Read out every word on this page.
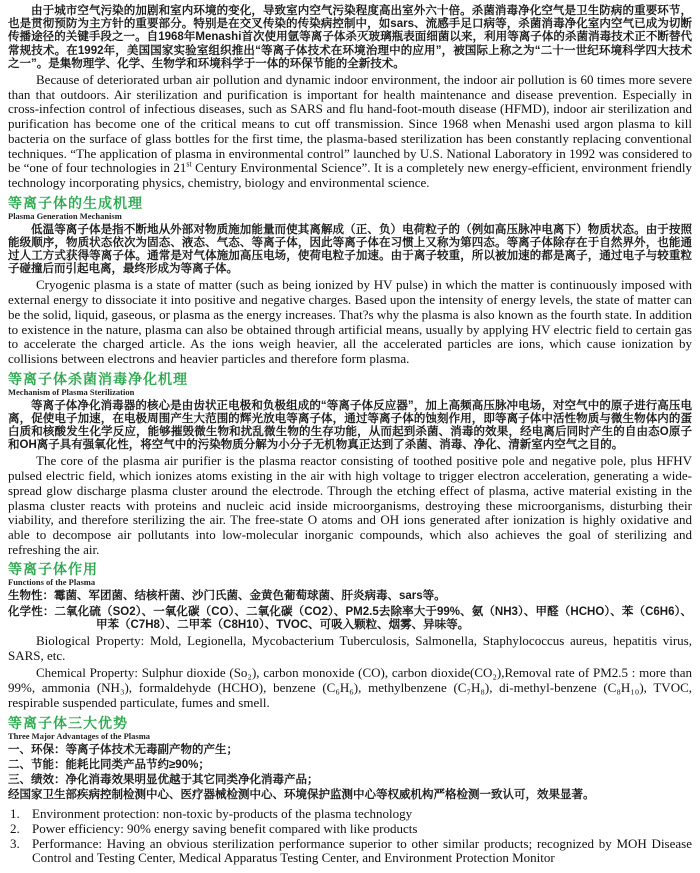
由于城市空气污染的加剧和室内环境的变化，导致室内空气污染程度高出室外六十倍。杀菌消毒净化空气是卫生防病的重要环节，也是贯彻预防为主方针的重要部分。特别是在交叉传染的传染病控制中，如sars、流感手足口病等，杀菌消毒净化室内空气已成为切断传播途径的关键手段之一。自1968年Menashi首次使用氩等离子体杀灭玻璃瓶表面细菌以来，利用等离子体的杀菌消毒技术正不断替代常规技术。在1992年，美国国家实验室组织推出“等离子体技术在环境治理中的应用”，被国际上称之为“二十一世纪环境科学四大技术之一”。是集物理学、化学、生物学和环境科学于一体的环保节能的全新技术。

Because of deteriorated urban air pollution and dynamic indoor environment, the indoor air pollution is 60 times more severe than that outdoors. Air sterilization and purification is important for health maintenance and disease prevention. Especially in cross-infection control of infectious diseases, such as SARS and flu hand-foot-mouth disease (HFMD), indoor air sterilization and purification has become one of the critical means to cut off transmission. Since 1968 when Menashi used argon plasma to kill bacteria on the surface of glass bottles for the first time, the plasma-based sterilization has been constantly replacing conventional techniques. “The application of plasma in environmental control” launched by U.S. National Laboratory in 1992 was considered to be “one of four technologies in 21st Century Environmental Science”. It is a completely new energy-efficient, environment friendly technology incorporating physics, chemistry, biology and environmental science.

等离子体的生成机理
Plasma Generation Mechanism

低温等离子体是指不断地从外部对物质施加能量而使其离解成（正、负）电荷粒子的（例如高压脉冲电离下）物质状态。由于按照能级顺序，物质状态依次为固态、液态、气态、等离子体，因此等离子体在习惯上又称为第四态。等离子体除存在于自然界外，也能通过人工方式获得等离子体。通常是对气体施加高压电场，使荷电粒子加速。由于离子较重，所以被加速的都是离子，通过电子与较重粒子碰撞后而引起电离，最终形成为等离子体。

Cryogenic plasma is a state of matter (such as being ionized by HV pulse) in which the matter is continuously imposed with external energy to dissociate it into positive and negative charges. Based upon the intensity of energy levels, the state of matter can be the solid, liquid, gaseous, or plasma as the energy increases. That?s why the plasma is also known as the fourth state. In addition to existence in the nature, plasma can also be obtained through artificial means, usually by applying HV electric field to certain gas to accelerate the charged article. As the ions weigh heavier, all the accelerated particles are ions, which cause ionization by collisions between electrons and heavier particles and therefore form plasma.

等离子体杀菌消毒净化机理
Mechanism of Plasma Sterilization

等离子体净化消毒器的核心是由齿状正电极和负极组成的“等离子体反应器”，加上高频高压脉冲电场，对空气中的原子进行高压电离，促使电子加速，在电极周围产生大范围的辉光放电等离子体，通过等离子体的蚀刻作用，即等离子体中活性物质与微生物体内的蛋白质和核酸发生化学反应，能够摧毁微生物和扰乱微生物的生存功能，从而起到杀菌、消毒的效果，经电离后同时产生的自由态O原子和OH离子具有强氧化性，将空气中的污染物质分解为小分子无机物真正达到了杀菌、消毒、净化、清新室内空气之目的。

The core of the plasma air purifier is the plasma reactor consisting of toothed positive pole and negative pole, plus HFHV pulsed electric field, which ionizes atoms existing in the air with high voltage to trigger electron acceleration, generating a wide-spread glow discharge plasma cluster around the electrode. Through the etching effect of plasma, active material existing in the plasma cluster reacts with proteins and nucleic acid inside microorganisms, destroying these microorganisms, disturbing their viability, and therefore sterilizing the air. The free-state O atoms and OH ions generated after ionization is highly oxidative and able to decompose air pollutants into low-molecular inorganic compounds, which also achieves the goal of sterilizing and refreshing the air.

等离子体作用
Functions of the Plasma

生物性：霉菌、军团菌、结核杆菌、沙门氏菌、金黄色葡萄球菌、肝炎病毒、sars等。

化学性：二氧化硫（SO2）、一氧化碳（CO）、二氧化碳（CO2）、PM2.5去除率大于99%、氨（NH3）、甲醛（HCHO）、苯（C6H6）、甲苯（C7H8）、二甲苯（C8H10）、TVOC、可吸入颗粒、烟雾、异味等。

Biological Property: Mold, Legionella, Mycobacterium Tuberculosis, Salmonella, Staphylococcus aureus, hepatitis virus, SARS, etc.

Chemical Property: Sulphur dioxide (So₂), carbon monoxide (CO), carbon dioxide(CO₂),Removal rate of PM2.5 : more than 99%, ammonia (NH₃), formaldehyde (HCHO), benzene (C₆H₆), methylbenzene (C₇H₈), di-methyl-benzene (C₈H₁₀), TVOC, respirable suspended particulate, fumes and smell.

等离子体三大优势
Three Major Advantages of the Plasma

一、环保：等离子体技术无毒副产物的产生；

二、节能：能耗比同类产品节约≥90%；

三、绩效：净化消毒效果明显优越于其它同类净化消毒产品；

经国家卫生部疾病控制检测中心、医疗器械检测中心、环境保护监测中心等权威机构严格检测一致认可，效果显著。

1. Environment protection: non-toxic by-products of the plasma technology
2. Power efficiency: 90% energy saving benefit compared with like products
3. Performance: Having an obvious sterilization performance superior to other similar products; recognized by MOH Disease Control and Testing Center, Medical Apparatus Testing Center, and Environment Protection Monitor
